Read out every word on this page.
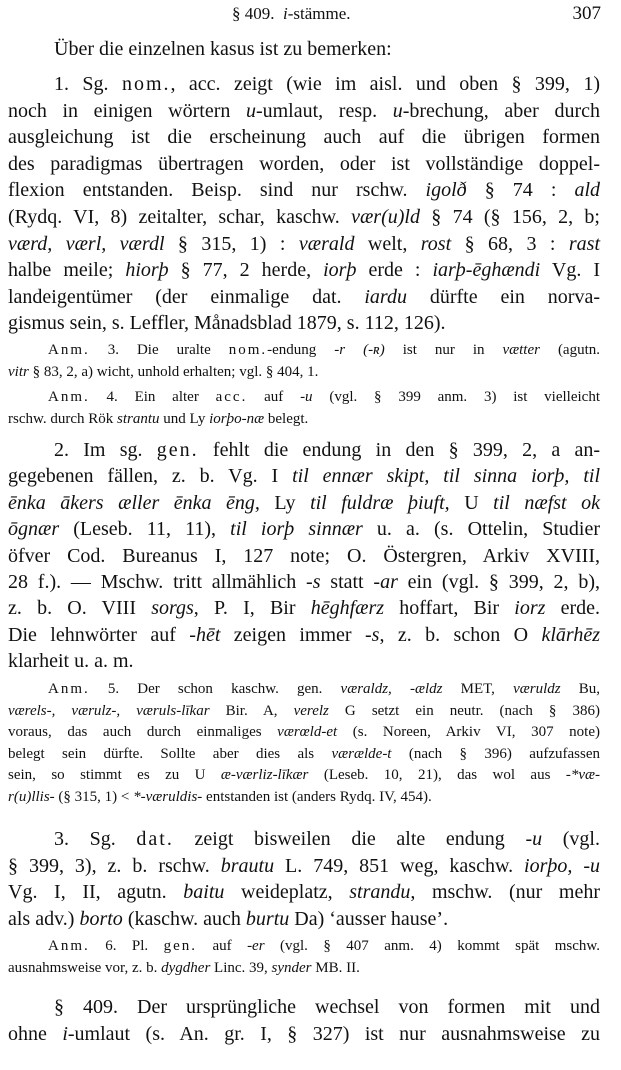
§ 409. i-stämme.	307
Über die einzelnen kasus ist zu bemerken:
1. Sg. nom., acc. zeigt (wie im aisl. und oben § 399, 1)
noch in einigen wörtern u-umlaut, resp. u-brechung, aber durch
ausgleichung ist die erscheinung auch auf die übrigen formen
des paradigmas übertragen worden, oder ist vollständige doppel-
flexion entstanden. Beisp. sind nur rschw. igolð § 74 : ald
(Rydq. VI, 8) zeitalter, schar, kaschw. vær(u)ld § 74 (§ 156, 2, b;
værd, værl, værdl § 315, 1) : værald welt, rost § 68, 3 : rast
halbe meile; hiorþ § 77, 2 herde, iorþ erde : iarþ-ēghændi Vg. I
landeigentümer (der einmalige dat. iardu dürfte ein norva-
gismus sein, s. Leffler, Månadsblad 1879, s. 112, 126).
Anm. 3. Die uralte nom.-endung -r (-ʀ) ist nur in vætter (agutn.
vitr § 83, 2, a) wicht, unhold erhalten; vgl. § 404, 1.
Anm. 4. Ein alter acc. auf -u (vgl. § 399 anm. 3) ist vielleicht
rschw. durch Rök strantu und Ly iorþo-næ belegt.
2. Im sg. gen. fehlt die endung in den § 399, 2, a an-
gegebenen fällen, z. b. Vg. I til ennær skipt, til sinna iorþ, til
ēnka ākers æller ēnka ēng, Ly til fuldræ þiuft, U til næfst ok
ōgnær (Leseb. 11, 11), til iorþ sinnær u. a. (s. Ottelin, Studier
öfver Cod. Bureanus I, 127 note; O. Östergren, Arkiv XVIII,
28 f.). — Mschw. tritt allmählich -s statt -ar ein (vgl. § 399, 2, b),
z. b. O. VIII sorgs, P. I, Bir hēghfærz hoffart, Bir iorz erde.
Die lehnwörter auf -hēt zeigen immer -s, z. b. schon O klārhēz
klarheit u. a. m.
Anm. 5. Der schon kaschw. gen. væraldz, -ældz MET, væruldz Bu,
værels-, værulz-, væruls-līkar Bir. A, verelz G setzt ein neutr. (nach § 386)
voraus, das auch durch einmaliges værœld-et (s. Noreen, Arkiv VI, 307 note)
belegt sein dürfte. Sollte aber dies als værælde-t (nach § 396) aufzufassen
sein, so stimmt es zu U æ-værliz-līkær (Leseb. 10, 21), das wol aus -*væ-
r(u)llis- (§ 315, 1) < *-væruldis- entstanden ist (anders Rydq. IV, 454).
3. Sg. dat. zeigt bisweilen die alte endung -u (vgl.
§ 399, 3), z. b. rschw. brautu L. 749, 851 weg, kaschw. iorþo, -u
Vg. I, II, agutn. baitu weideplatz, strandu, mschw. (nur mehr
als adv.) borto (kaschw. auch burtu Da) ‘ausser hause’.
Anm. 6. Pl. gen. auf -er (vgl. § 407 anm. 4) kommt spät mschw.
ausnahmsweise vor, z. b. dygdher Linc. 39, synder MB. II.
§ 409. Der ursprüngliche wechsel von formen mit und
ohne i-umlaut (s. An. gr. I, § 327) ist nur ausnahmsweise zu
